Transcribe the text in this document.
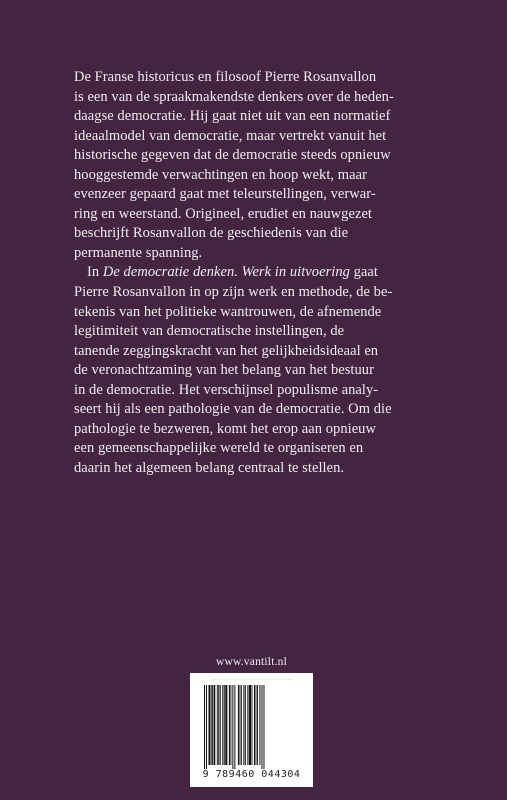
De Franse historicus en filosoof Pierre Rosanvallon
is een van de spraakmakendste denkers over de heden-
daagse democratie. Hij gaat niet uit van een normatief
ideaalmodel van democratie, maar vertrekt vanuit het
historische gegeven dat de democratie steeds opnieuw
hooggestemde verwachtingen en hoop wekt, maar
evenzeer gepaard gaat met teleurstellingen, verwar-
ring en weerstand. Origineel, erudiet en nauwgezet
beschrijft Rosanvallon de geschiedenis van die
permanente spanning.
In De democratie denken. Werk in uitvoering gaat
Pierre Rosanvallon in op zijn werk en methode, de be-
tekenis van het politieke wantrouwen, de afnemende
legitimiteit van democratische instellingen, de
tanende zeggingskracht van het gelijkheidsideaal en
de veronachtzaming van het belang van het bestuur
in de democratie. Het verschijnsel populisme analy-
seert hij als een pathologie van de democratie. Om die
pathologie te bezweren, komt het erop aan opnieuw
een gemeenschappelijke wereld te organiseren en
daarin het algemeen belang centraal te stellen.
www.vantilt.nl
9 789460 044304
